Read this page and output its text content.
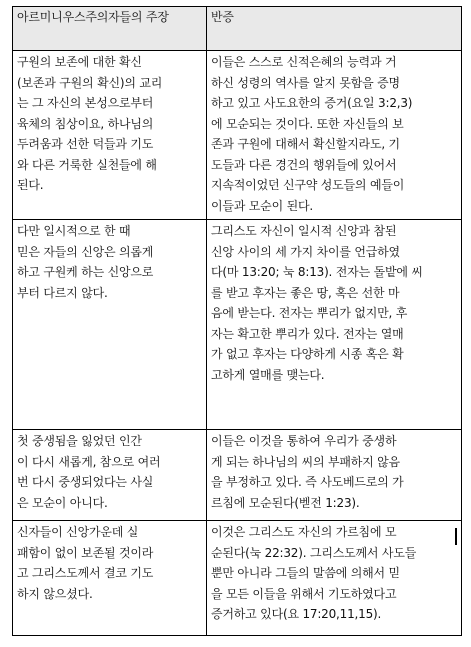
아르미니우스주의자들의 주장	반증
구원의 보존에 대한 확신
(보존과 구원의 확신)의 교리
는 그 자신의 본성으로부터
육체의 침상이요, 하나님의
두려움과 선한 덕들과 기도
와 다른 거룩한 실천들에 해
된다.
이들은 스스로 신적은혜의 능력과 거
하신 성령의 역사를 알지 못함을 증명
하고 있고 사도요한의 증거(요일 3:2,3)
에 모순되는 것이다. 또한 자신들의 보
존과 구원에 대해서 확신할지라도, 기
도들과 다른 경건의 행위들에 있어서
지속적이었던 신구약 성도들의 예들이
이들과 모순이 된다.
다만 일시적으로 한 때
믿은 자들의 신앙은 의롭게
하고 구원케 하는 신앙으로
부터 다르지 않다.
그리스도 자신이 일시적 신앙과 참된
신앙 사이의 세 가지 차이를 언급하였
다(마 13:20; 눅 8:13). 전자는 돌밭에 씨
를 받고 후자는 좋은 땅, 혹은 선한 마
음에 받는다. 전자는 뿌리가 없지만, 후
자는 확고한 뿌리가 있다. 전자는 열매
가 없고 후자는 다양하게 시종 혹은 확
고하게 열매를 맺는다.
첫 중생됨을 잃었던 인간
이 다시 새롭게, 참으로 여러
번 다시 중생되었다는 사실
은 모순이 아니다.
이들은 이것을 통하여 우리가 중생하
게 되는 하나님의 씨의 부패하지 않음
을 부정하고 있다. 즉 사도베드로의 가
르침에 모순된다(벧전 1:23).
신자들이 신앙가운데 실
패함이 없이 보존될 것이라
고 그리스도께서 결코 기도
하지 않으셨다.
이것은 그리스도 자신의 가르침에 모
순된다(눅 22:32). 그리스도께서 사도들
뿐만 아니라 그들의 말씀에 의해서 믿
을 모든 이들을 위해서 기도하였다고
증거하고 있다(요 17:20,11,15).
